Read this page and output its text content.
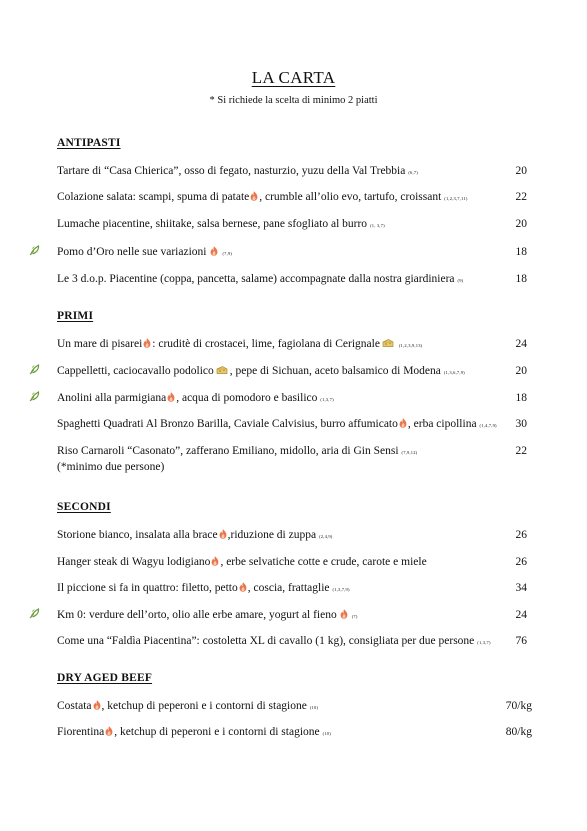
LA CARTA
* Si richiede la scelta di minimo 2 piatti
ANTIPASTI
Tartare di “Casa Chierica”, osso di fegato, nasturzio, yuzu della Val Trebbia (6,7)	20
Colazione salata: scampi, spuma di patate , crumble all’olio evo, tartufo, croissant (1,2,3,7,11)	22
Lumache piacentine, shiitake, salsa bernese, pane sfogliato al burro (1, 3,7)	20
Pomo d’Oro nelle sue variazioni	(7,9)	18
Le 3 d.o.p. Piacentine (coppa, pancetta, salame) accompagnate dalla nostra giardiniera (9)	18
PRIMI
Un mare di pisarei : cruditè di crostacei, lime, fagiolana di Cerignale	(1,2,3,9,13)	24
Cappelletti, caciocavallo podolico , pepe di Sichuan, aceto balsamico di Modena (1,3,6,7,9)	20
Anolini alla parmigiana , acqua di pomodoro e basilico (1,3,7)	18
Spaghetti Quadrati Al Bronzo Barilla, Caviale Calvisius, burro affumicato , erba cipollina (1,4,7,9) 30
Riso Carnaroli “Casonato”, zafferano Emiliano, midollo, aria di Gin Sensi (7,9,12)
(*minimo due persone)
22
SECONDI
Storione bianco, insalata alla brace ,riduzione di zuppa (2,4,9)	26
Hanger steak di Wagyu lodigiano , erbe selvatiche cotte e crude, carote e miele	26
Il piccione si fa in quattro: filetto, petto , coscia, frattaglie (1,3,7,9)	34
Km 0: verdure dell’orto, olio alle erbe amare, yogurt al fieno	(7)	24
Come una “Faldìa Piacentina”: costoletta XL di cavallo (1 kg), consigliata per due persone (1,3,7) 76
DRY AGED BEEF
Costata , ketchup di peperoni e i contorni di stagione (10)	70/kg
Fiorentina , ketchup di peperoni e i contorni di stagione (10)	80/kg
